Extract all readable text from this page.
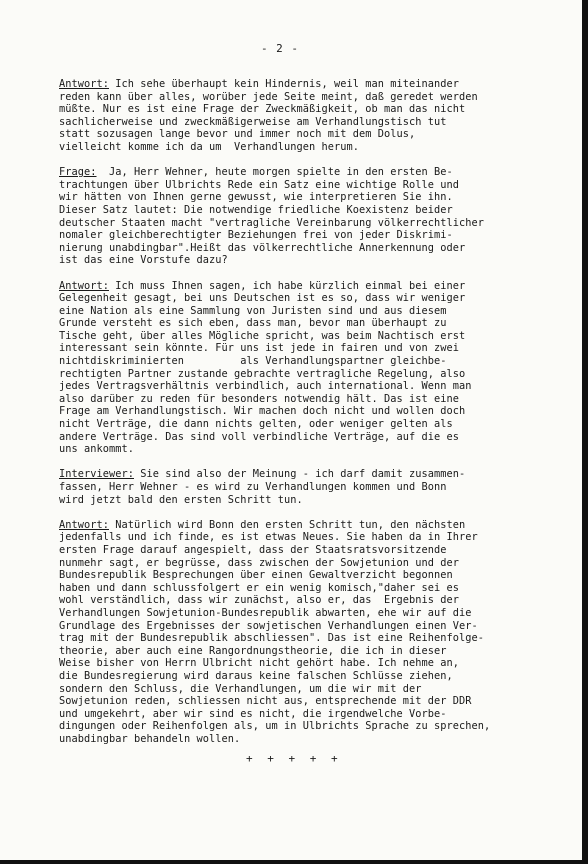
- 2 -

Antwort: Ich sehe überhaupt kein Hindernis, weil man miteinander
reden kann über alles, worüber jede Seite meint, daß geredet werden
müßte. Nur es ist eine Frage der Zweckmäßigkeit, ob man das nicht
sachlicherweise und zweckmäßigerweise am Verhandlungstisch tut
statt sozusagen lange bevor und immer noch mit dem Dolus,
vielleicht komme ich da um  Verhandlungen herum.

Frage:  Ja, Herr Wehner, heute morgen spielte in den ersten Be-
trachtungen über Ulbrichts Rede ein Satz eine wichtige Rolle und
wir hätten von Ihnen gerne gewusst, wie interpretieren Sie ihn.
Dieser Satz lautet: Die notwendige friedliche Koexistenz beider
deutscher Staaten macht "vertragliche Vereinbarung völkerrechtlicher
nomaler gleichberechtigter Beziehungen frei von jeder Diskrimi-
nierung unabdingbar".Heißt das völkerrechtliche Annerkennung oder
ist das eine Vorstufe dazu?

Antwort: Ich muss Ihnen sagen, ich habe kürzlich einmal bei einer
Gelegenheit gesagt, bei uns Deutschen ist es so, dass wir weniger
eine Nation als eine Sammlung von Juristen sind und aus diesem
Grunde versteht es sich eben, dass man, bevor man überhaupt zu
Tische geht, über alles Mögliche spricht, was beim Nachtisch erst
interessant sein könnte. Für uns ist jede in fairen und von zwei
nichtdiskriminierten         als Verhandlungspartner gleichbe-
rechtigten Partner zustande gebrachte vertragliche Regelung, also
jedes Vertragsverhältnis verbindlich, auch international. Wenn man
also darüber zu reden für besonders notwendig hält. Das ist eine
Frage am Verhandlungstisch. Wir machen doch nicht und wollen doch
nicht Verträge, die dann nichts gelten, oder weniger gelten als
andere Verträge. Das sind voll verbindliche Verträge, auf die es
uns ankommt.

Interviewer: Sie sind also der Meinung - ich darf damit zusammen-
fassen, Herr Wehner - es wird zu Verhandlungen kommen und Bonn
wird jetzt bald den ersten Schritt tun.

Antwort: Natürlich wird Bonn den ersten Schritt tun, den nächsten
jedenfalls und ich finde, es ist etwas Neues. Sie haben da in Ihrer
ersten Frage darauf angespielt, dass der Staatsratsvorsitzende
nunmehr sagt, er begrüsse, dass zwischen der Sowjetunion und der
Bundesrepublik Besprechungen über einen Gewaltverzicht begonnen
haben und dann schlussfolgert er ein wenig komisch,"daher sei es
wohl verständlich, dass wir zunächst, also er, das  Ergebnis der
Verhandlungen Sowjetunion-Bundesrepublik abwarten, ehe wir auf die
Grundlage des Ergebnisses der sowjetischen Verhandlungen einen Ver-
trag mit der Bundesrepublik abschliessen". Das ist eine Reihenfolge-
theorie, aber auch eine Rangordnungstheorie, die ich in dieser
Weise bisher von Herrn Ulbricht nicht gehört habe. Ich nehme an,
die Bundesregierung wird daraus keine falschen Schlüsse ziehen,
sondern den Schluss, die Verhandlungen, um die wir mit der
Sowjetunion reden, schliessen nicht aus, entsprechende mit der DDR
und umgekehrt, aber wir sind es nicht, die irgendwelche Vorbe-
dingungen oder Reihenfolgen als, um in Ulbrichts Sprache zu sprechen,
unabdingbar behandeln wollen.

+ + + + +
